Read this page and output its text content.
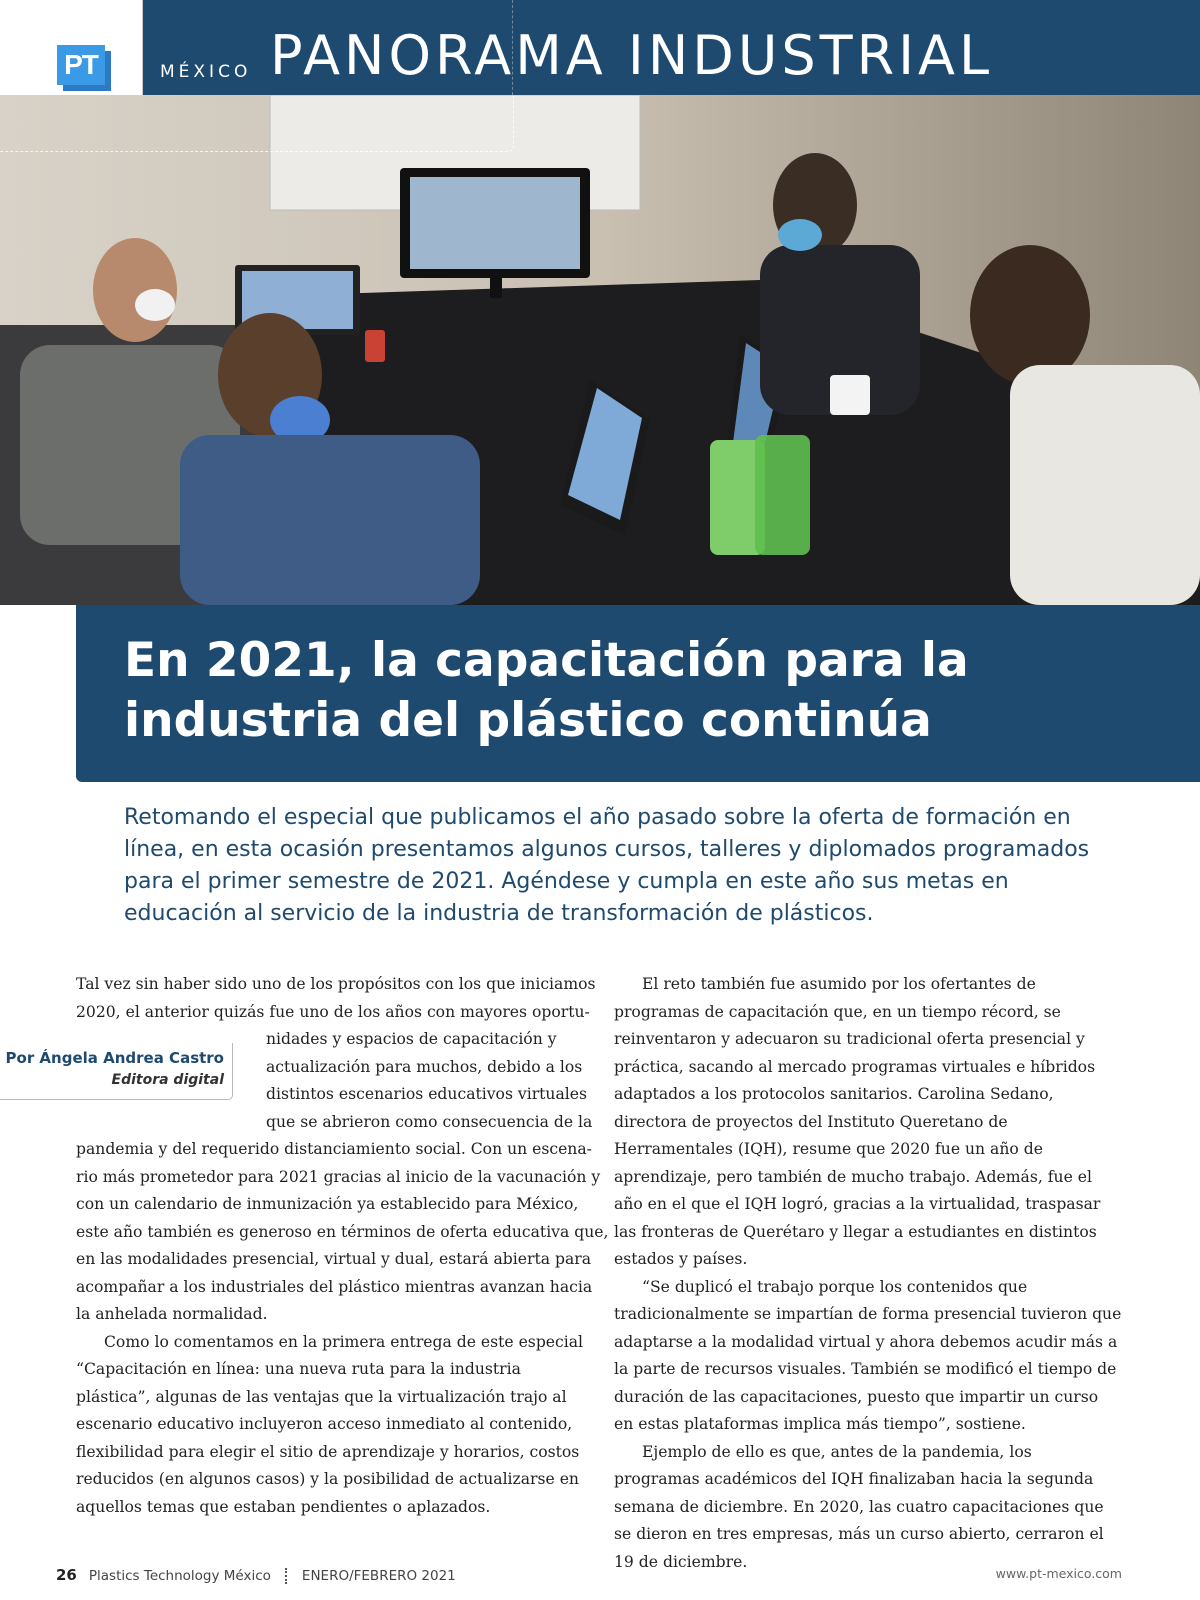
PT	MÉXICO PANORAMA INDUSTRIAL
En 2021, la capacitación para la industria del plástico continúa

Retomando el especial que publicamos el año pasado sobre la oferta de formación en línea, en esta ocasión presentamos algunos cursos, talleres y diplomados programados para el primer semestre de 2021. Agéndese y cumpla en este año sus metas en educación al servicio de la industria de transformación de plásticos.

Por Ángela Andrea Castro
Editora digital

Tal vez sin haber sido uno de los propósitos con los que iniciamos
2020, el anterior quizás fue uno de los años con mayores oportu-
nidades y espacios de capacitación y
actualización para muchos, debido a los
distintos escenarios educativos virtuales
que se abrieron como consecuencia de la
pandemia y del requerido distanciamiento social. Con un escena-
rio más prometedor para 2021 gracias al inicio de la vacunación y
con un calendario de inmunización ya establecido para México,
este año también es generoso en términos de oferta educativa que,
en las modalidades presencial, virtual y dual, estará abierta para
acompañar a los industriales del plástico mientras avanzan hacia
la anhelada normalidad.

Como lo comentamos en la primera entrega de este especial “Capacitación en línea: una nueva ruta para la industria plástica”, algunas de las ventajas que la virtualización trajo al escenario educativo incluyeron acceso inmediato al contenido, flexibilidad para elegir el sitio de aprendizaje y horarios, costos reducidos (en algunos casos) y la posibilidad de actualizarse en aquellos temas que estaban pendientes o aplazados.

El reto también fue asumido por los ofertantes de programas de capacitación que, en un tiempo récord, se reinventaron y adecuaron su tradicional oferta presencial y práctica, sacando al mercado programas virtuales e híbridos adaptados a los protocolos sanitarios. Carolina Sedano, directora de proyectos del Instituto Queretano de Herramentales (IQH), resume que 2020 fue un año de aprendizaje, pero también de mucho trabajo. Además, fue el año en el que el IQH logró, gracias a la virtualidad, traspasar las fronteras de Querétaro y llegar a estudiantes en distintos estados y países.

“Se duplicó el trabajo porque los contenidos que tradicionalmente se impartían de forma presencial tuvieron que adaptarse a la modalidad virtual y ahora debemos acudir más a la parte de recursos visuales. También se modificó el tiempo de duración de las capacitaciones, puesto que impartir un curso en estas plataformas implica más tiempo”, sostiene.

Ejemplo de ello es que, antes de la pandemia, los programas académicos del IQH finalizaban hacia la segunda semana de diciembre. En 2020, las cuatro capacitaciones que se dieron en tres empresas, más un curso abierto, cerraron el 19 de diciembre.

26 Plastics Technology México ENERO/FEBRERO 2021	www.pt-mexico.com
